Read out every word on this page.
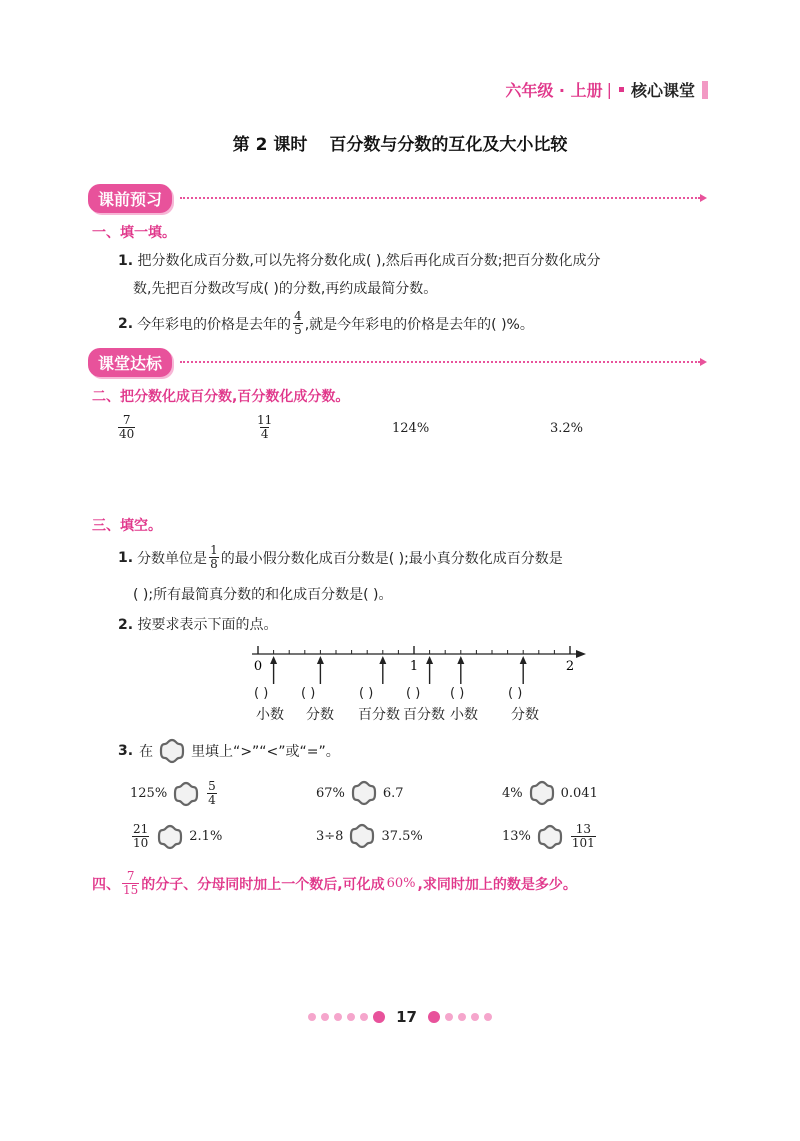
六年级 · 上册 | 核心课堂
第 2 课时 百分数与分数的互化及大小比较
课前预习
一、填一填。
1. 把分数化成百分数,可以先将分数化成( ),然后再化成百分数;把百分数化成分
数,先把百分数改写成( )的分数,再约成最简分数。
2. 今年彩电的价格是去年的 $\frac{4}{5}$ ,就是今年彩电的价格是去年的( )%。
课堂达标
二、把分数化成百分数,百分数化成分数。
$\frac{7}{40}$	$\frac{11}{4}$	124%	3.2%
三、填空。
1. 分数单位是 $\frac{1}{8}$ 的最小假分数化成百分数是( );最小真分数化成百分数是
( );所有最简真分数的和化成百分数是( )。
2. 按要求表示下面的点。
0	1	2
( )	( )	( )	( ) ( )	( )
小数 分数 百分数 百分数 小数 分数
3. 在	里填上“>”“<”或“=”。
125%	$\frac{5}{4}$	67%	6.7	4%	0.041
$\frac{21}{10}$	2.1%	3÷8	37.5%	13%	$\frac{13}{101}$
四、 $\frac{7}{15}$ 的分子、分母同时加上一个数后,可化成 60% ,求同时加上的数是多少。
17
